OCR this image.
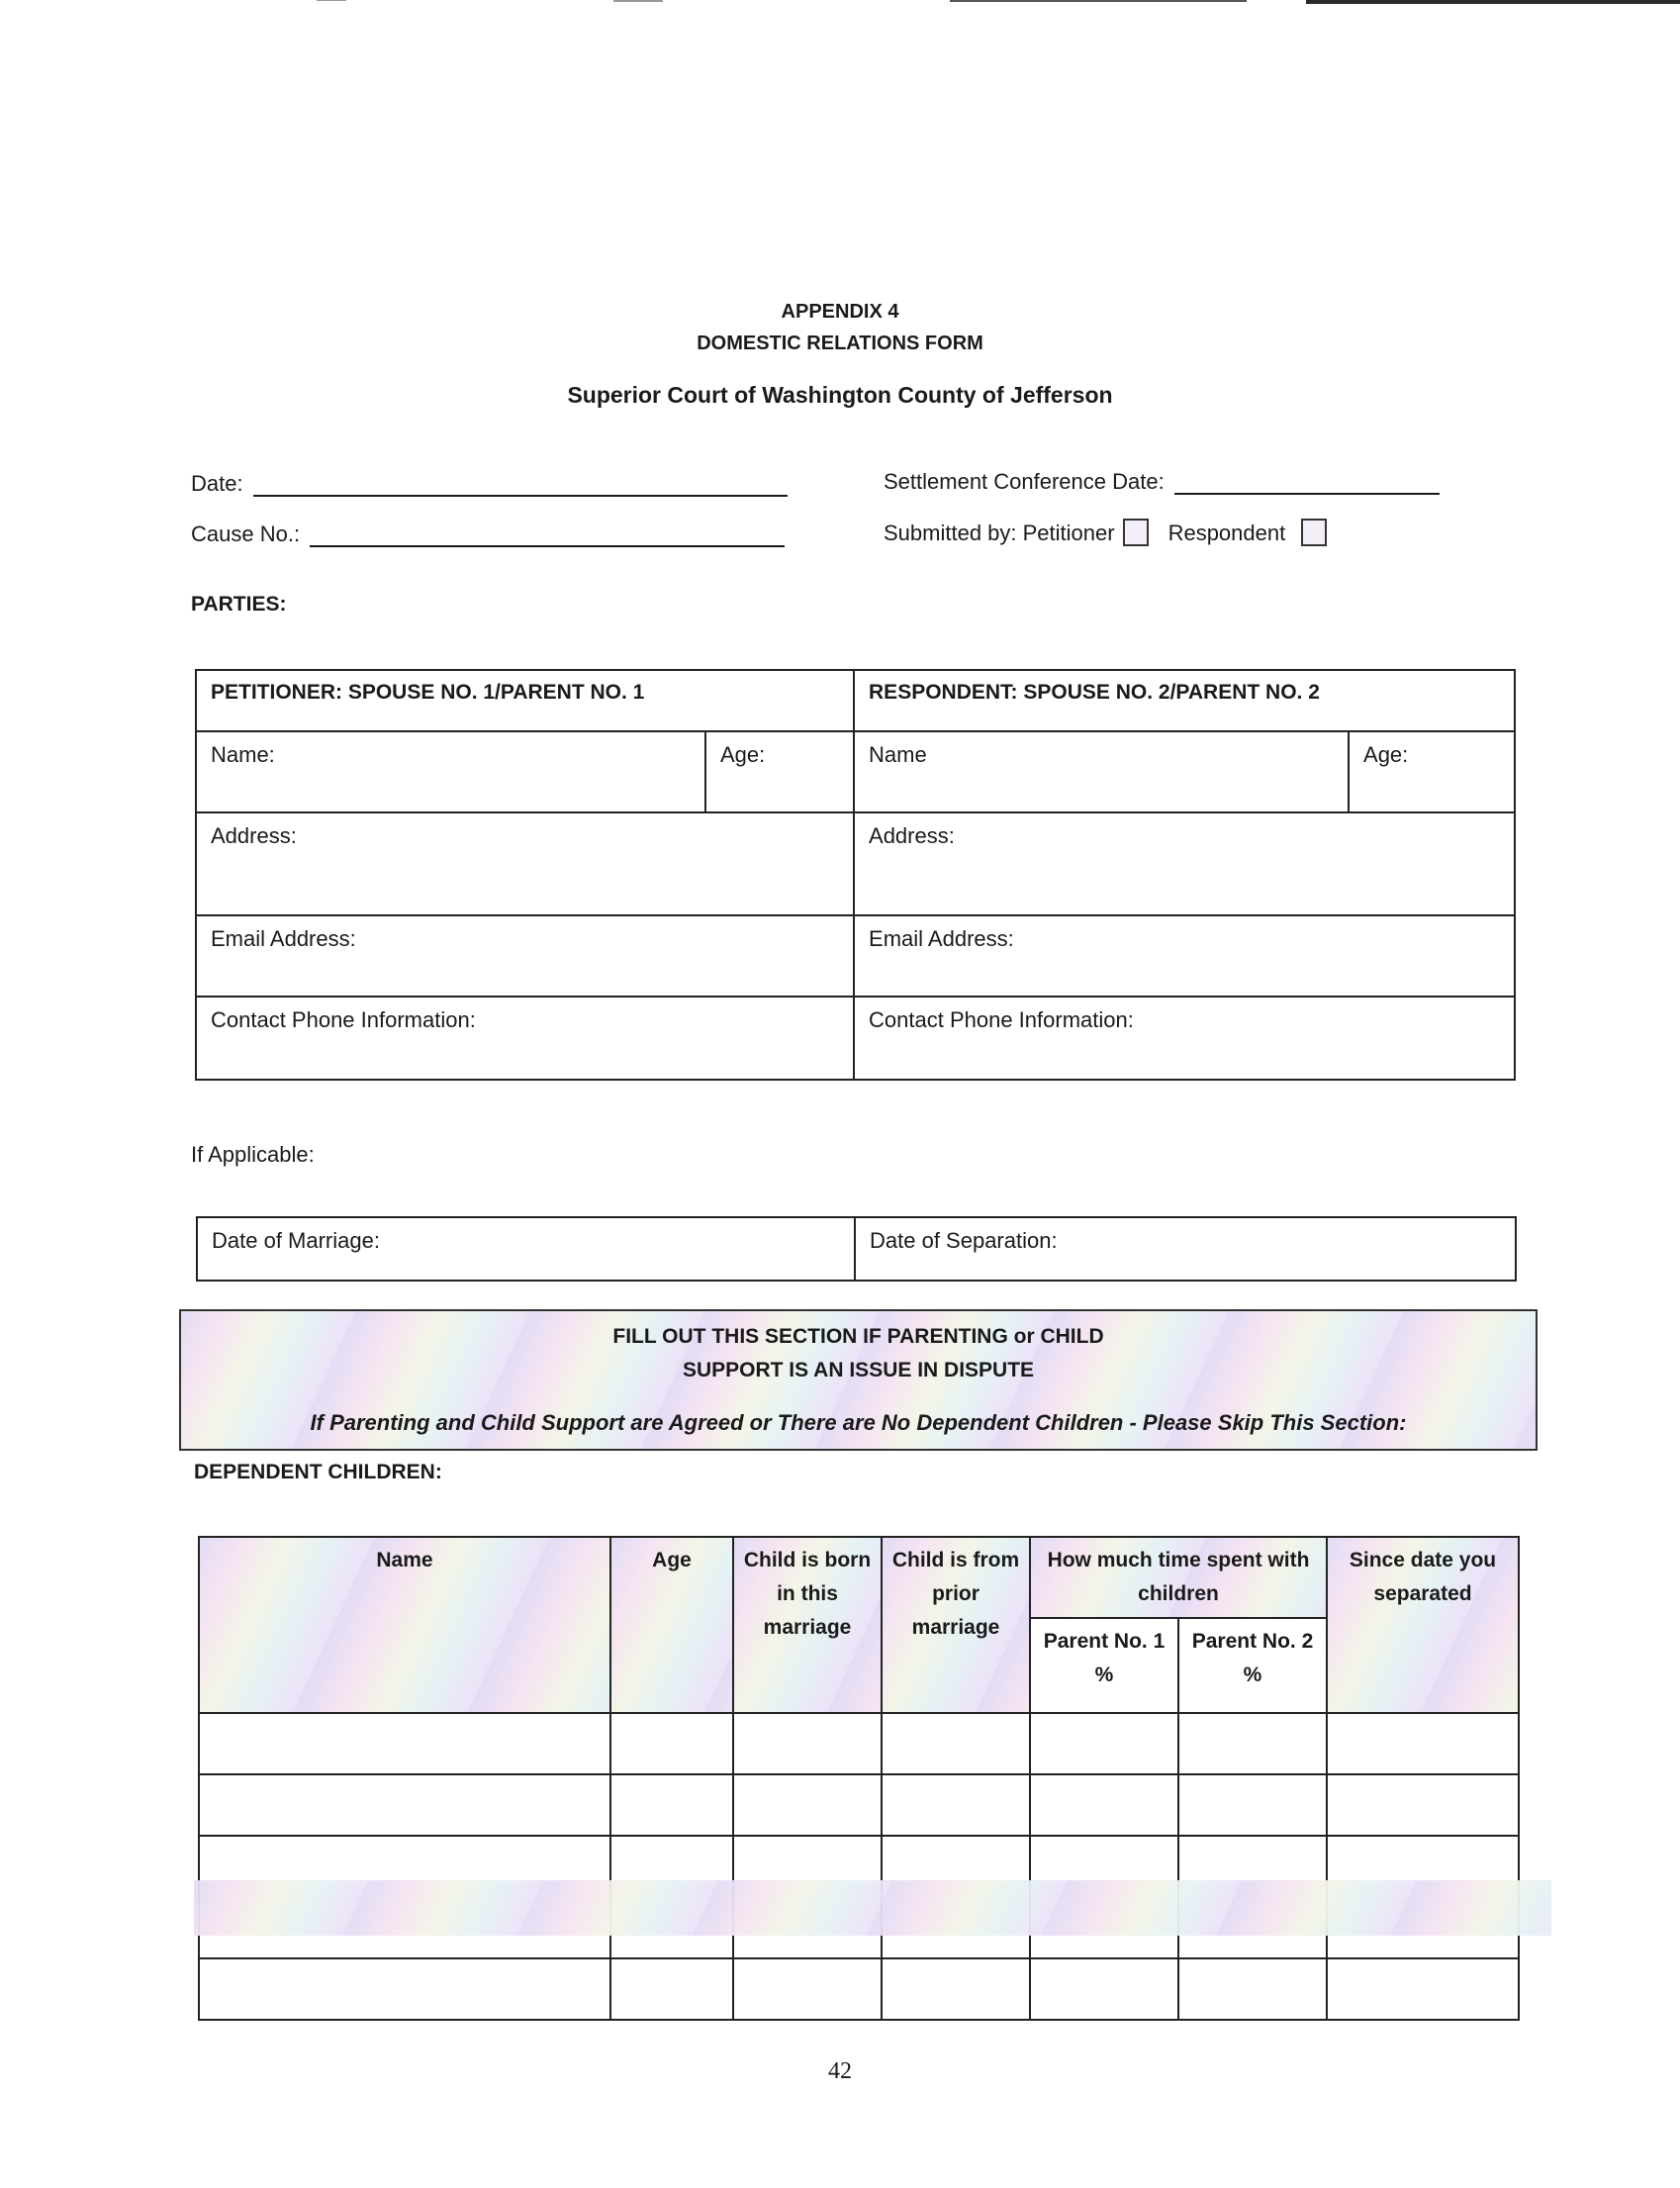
APPENDIX 4
DOMESTIC RELATIONS FORM
Superior Court of Washington County of Jefferson
Date:
Cause No.:
Settlement Conference Date:
Submitted by: Petitioner Respondent
PARTIES:
PETITIONER: SPOUSE NO. 1/PARENT NO. 1		RESPONDENT: SPOUSE NO. 2/PARENT NO. 2	
Name:	Age:	Name	Age:
Address:		Address:	
Email Address:		Email Address:	
Contact Phone Information:		Contact Phone Information:	
If Applicable:
Date of Marriage:	Date of Separation:
FILL OUT THIS SECTION IF PARENTING or CHILD
SUPPORT IS AN ISSUE IN DISPUTE
If Parenting and Child Support are Agreed or There are No Dependent Children - Please Skip This Section:
DEPENDENT CHILDREN:
Name	Age	Child is born in this marriage	Child is from prior marriage	How much time spent with children		Since date you separated
				Parent No. 1 %	Parent No. 2 %	

42
